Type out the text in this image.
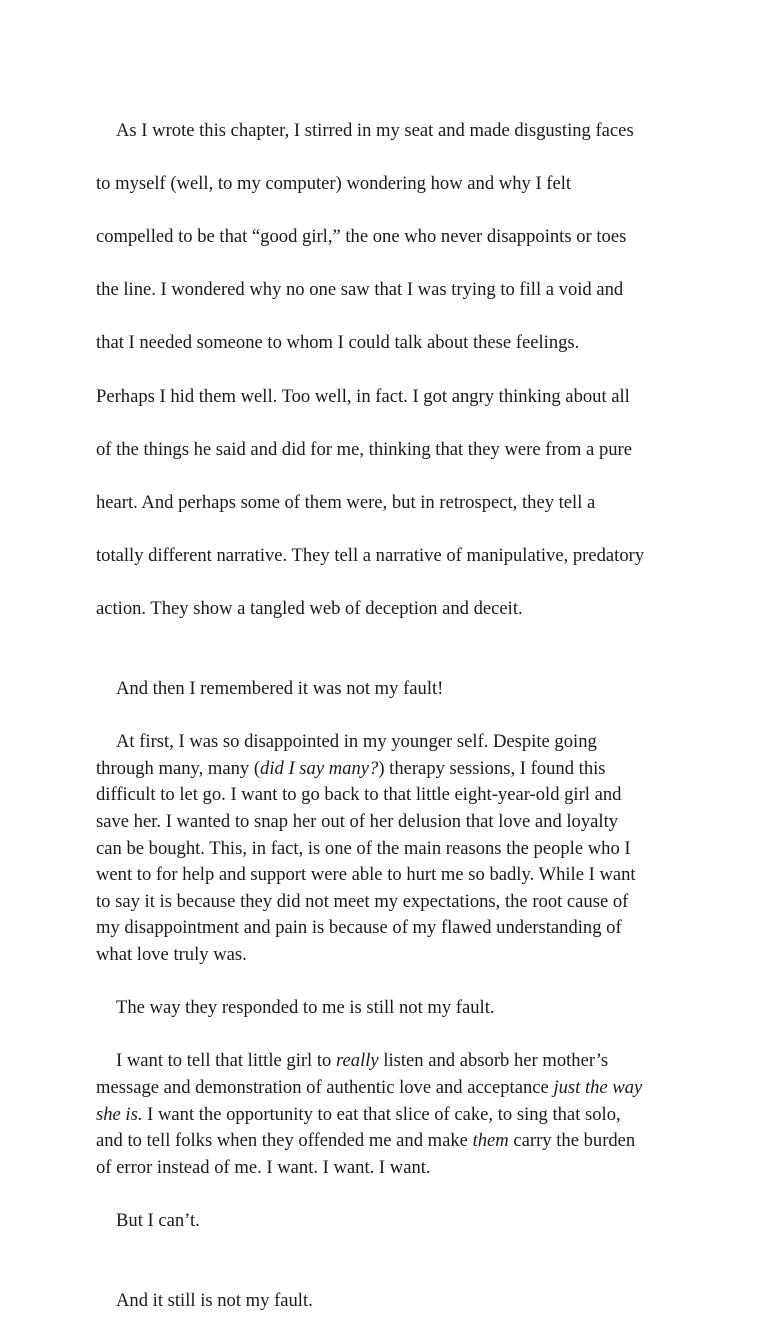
As I wrote this chapter, I stirred in my seat and made disgusting faces

to myself (well, to my computer) wondering how and why I felt

compelled to be that “good girl,” the one who never disappoints or toes

the line. I wondered why no one saw that I was trying to fill a void and

that I needed someone to whom I could talk about these feelings.

Perhaps I hid them well. Too well, in fact. I got angry thinking about all

of the things he said and did for me, thinking that they were from a pure

heart. And perhaps some of them were, but in retrospect, they tell a

totally different narrative. They tell a narrative of manipulative, predatory

action. They show a tangled web of deception and deceit.

And then I remembered it was not my fault!

At first, I was so disappointed in my younger self. Despite going
through many, many (did I say many?) therapy sessions, I found this
difficult to let go. I want to go back to that little eight-year-old girl and
save her. I wanted to snap her out of her delusion that love and loyalty
can be bought. This, in fact, is one of the main reasons the people who I
went to for help and support were able to hurt me so badly. While I want
to say it is because they did not meet my expectations, the root cause of
my disappointment and pain is because of my flawed understanding of
what love truly was.

The way they responded to me is still not my fault.

I want to tell that little girl to really listen and absorb her mother’s
message and demonstration of authentic love and acceptance just the way
she is. I want the opportunity to eat that slice of cake, to sing that solo,
and to tell folks when they offended me and make them carry the burden
of error instead of me. I want. I want. I want.

But I can’t.

And it still is not my fault.
